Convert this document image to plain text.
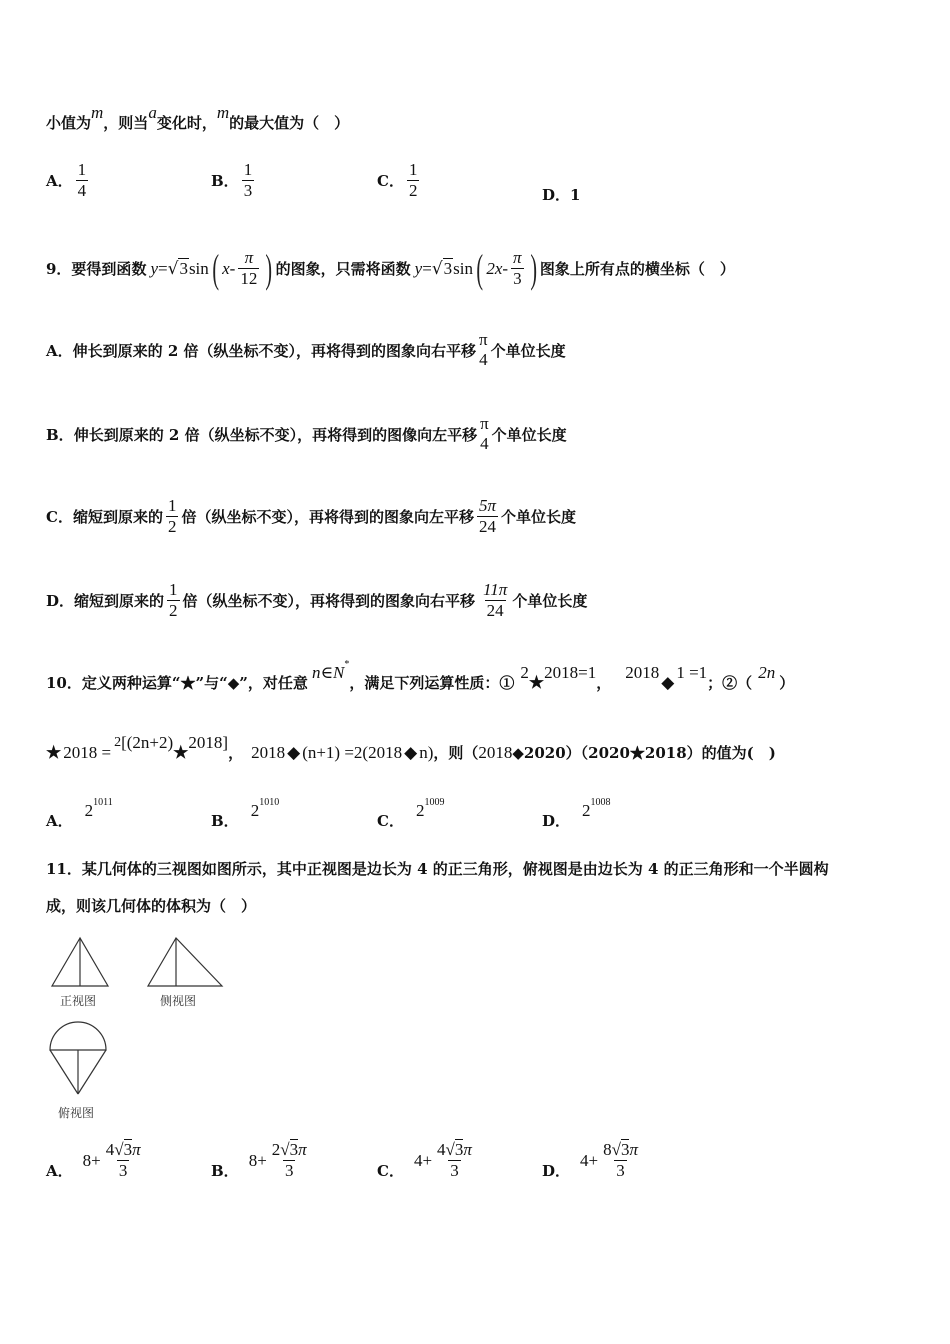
小值为
m
，则当
a
变化时，
m
的最大值为（　）
A． $\frac{1}{4}$	B． $\frac{1}{3}$	C． $\frac{1}{2}$	D． 1
9．要得到函数 y = √ 3 sin ( x - $\frac{\pi}{12}$ ) 的图象，只需将函数 y = √ 3 sin ( $2x - \frac{\pi}{3}$ ) 图象上所有点的横坐标（　）
A． 伸长到原来的 2 倍（纵坐标不变），再将得到的图象向右平移
π
4 个单位长度
B． 伸长到原来的 2 倍（纵坐标不变），再将得到的图像向左平移
π
4 个单位长度
C． 缩短到原来的 $\frac{1}{2}$ 倍（纵坐标不变），再将得到的图象向左平移 $\frac{5\pi}{24}$ 个单位长度
D． 缩短到原来的 $\frac{1}{2}$ 倍（纵坐标不变），再将得到的图象向右平移 $\frac{11\pi}{24}$ 个单位长度
10．定义两种运算“★”与“◆”，对任意
n∈N *
，满足下列运算性质：①
2
★
2018=1
，
2018
◆
1 =1
；②（
2n
）
★ 2018 =
2 [(2n+2)
★
2018]
， 2018 ◆ (n+1) =2(2018 ◆ n) ，则（ 2018 ◆2020）（2020★2018）的值为(　)
A．
$2^{1011}$
B．
$2^{1010}$
C．
$2^{1009}$
D．
$2^{1008}$
11．某几何体的三视图如图所示，其中正视图是边长为 4 的正三角形，俯视图是由边长为 4 的正三角形和一个半圆构
成，则该几何体的体积为（　）
正视图	侧视图
俯视图
A．
$8 + \frac{4√3\pi}{3}$	B．
$8 + \frac{2√3\pi}{3}$	C．
$4 + \frac{4√3\pi}{3}$	D．
$4 + \frac{8√3\pi}{3}$
